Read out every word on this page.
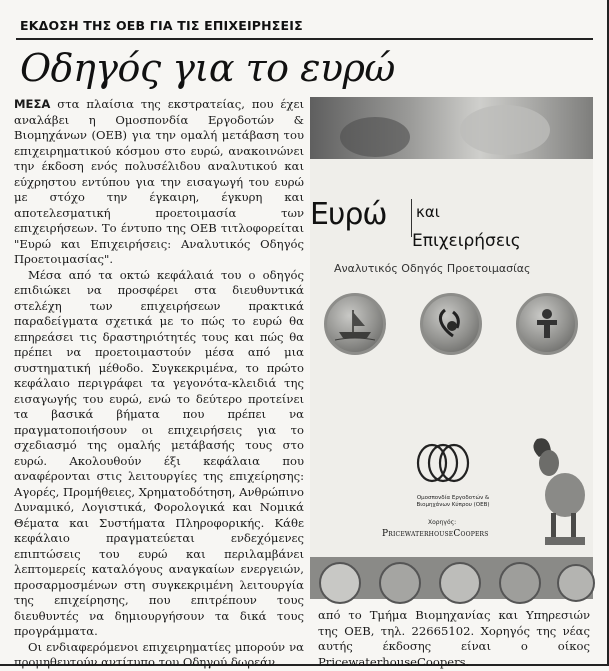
ΕΚΔΟΣΗ ΤΗΣ ΟΕΒ ΓΙΑ ΤΙΣ ΕΠΙΧΕΙΡΗΣΕΙΣ
Οδηγός για το ευρώ

ΜΕΣΑ στα πλαίσια της εκστρατείας, που έχει αναλάβει η Ομοσπονδία Εργοδοτών & Βιομηχάνων (ΟΕΒ) για την ομαλή μετάβαση του επιχειρηματικού κόσμου στο ευρώ, ανακοινώνει την έκδοση ενός πολυσέλιδου αναλυτικού και εύχρηστου εντύπου για την εισαγωγή του ευρώ με στόχο την έγκαιρη, έγκυρη και αποτελεσματική προετοιμασία των επιχειρήσεων. Το έντυπο της ΟΕΒ τιτλοφορείται "Ευρώ και Επιχειρήσεις: Αναλυτικός Οδηγός Προετοιμασίας".

Μέσα από τα οκτώ κεφάλαιά του ο οδηγός επιδιώκει να προσφέρει στα διευθυντικά στελέχη των επιχειρήσεων πρακτικά παραδείγματα σχετικά με το πώς το ευρώ θα επηρεάσει τις δραστηριότητές τους και πώς θα πρέπει να προετοιμαστούν μέσα από μια συστηματική μέθοδο. Συγκεκριμένα, το πρώτο κεφάλαιο περιγράφει τα γεγονότα-κλειδιά της εισαγωγής του ευρώ, ενώ το δεύτερο προτείνει τα βασικά βήματα που πρέπει να πραγματοποιήσουν οι επιχειρήσεις για το σχεδιασμό της ομαλής μετάβασής τους στο ευρώ. Ακολουθούν έξι κεφάλαια που αναφέρονται στις λειτουργίες της επιχείρησης: Αγορές, Προμήθειες, Χρηματοδότηση, Ανθρώπινο Δυναμικό, Λογιστικά, Φορολογικά και Νομικά Θέματα και Συστήματα Πληροφορικής. Κάθε κεφάλαιο πραγματεύεται ενδεχόμενες επιπτώσεις του ευρώ και περιλαμβάνει λεπτομερείς καταλόγους αναγκαίων ενεργειών, προσαρμοσμένων στη συγκεκριμένη λειτουργία της επιχείρησης, που επιτρέπουν τους διευθυντές να δημιουργήσουν τα δικά τους προγράμματα.

Οι ενδιαφερόμενοι επιχειρηματίες μπορούν να προμηθευτούν αντίτυπο του Οδηγού δωρεάν

Ευρώ και
Επιχειρήσεις
Αναλυτικός Οδηγός Προετοιμασίας
Ομοσπονδία Εργοδοτών & Βιομηχάνων Κύπρου (ΟΕΒ)
Χορηγός:
PricewaterhouseCoopers

από το Τμήμα Βιομηχανίας και Υπηρεσιών της ΟΕΒ, τηλ. 22665102. Χορηγός της νέας αυτής έκδοσης είναι ο οίκος PricewaterhouseCoopers.
